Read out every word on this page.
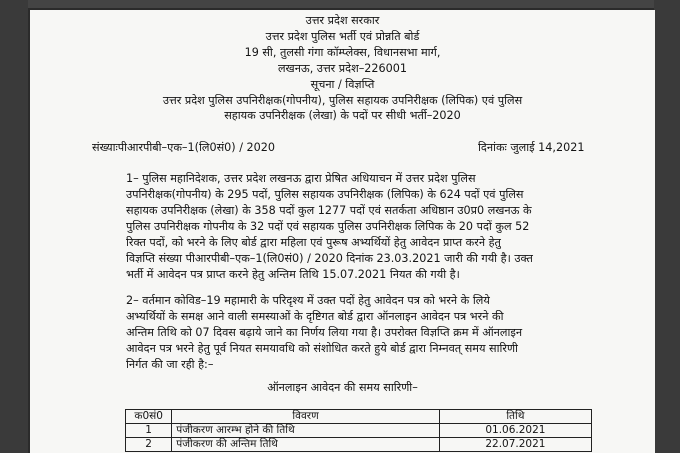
उत्तर प्रदेश सरकार
उत्तर प्रदेश पुलिस भर्ती एवं प्रोन्नति बोर्ड
19 सी, तुलसी गंगा कॉम्प्लेक्स, विधानसभा मार्ग,
लखनऊ, उत्तर प्रदेश–226001
सूचना / विज्ञप्ति
उत्तर प्रदेश पुलिस उपनिरीक्षक(गोपनीय), पुलिस सहायक उपनिरीक्षक (लिपिक) एवं पुलिस
सहायक उपनिरीक्षक (लेखा) के पदों पर सीधी भर्ती–2020
संख्याःपीआरपीबी–एक–1(लि0सं0) / 2020	दिनांकः जुलाई 14,2021
1– पुलिस महानिदेशक, उत्तर प्रदेश लखनऊ द्वारा प्रेषित अधियाचन में उत्तर प्रदेश पुलिस
उपनिरीक्षक(गोपनीय) के 295 पदों, पुलिस सहायक उपनिरीक्षक (लिपिक) के 624 पदों एवं पुलिस
सहायक उपनिरीक्षक (लेखा) के 358 पदों कुल 1277 पदों एवं सतर्कता अधिष्ठान उ0प्र0 लखनऊ के
पुलिस उपनिरीक्षक गोपनीय के 32 पदों एवं सहायक पुलिस उपनिरीक्षक लिपिक के 20 पदों कुल 52
रिक्त पदों, को भरने के लिए बोर्ड द्वारा महिला एवं पुरूष अभ्यर्थियों हेतु आवेदन प्राप्त करने हेतु
विज्ञप्ति संख्या पीआरपीबी–एक–1(लि0सं0) / 2020 दिनांक 23.03.2021 जारी की गयी है। उक्त
भर्ती में आवेदन पत्र प्राप्त करने हेतु अन्तिम तिथि 15.07.2021 नियत की गयी है।
2– वर्तमान कोविड–19 महामारी के परिदृश्य में उक्त पदों हेतु आवेदन पत्र को भरने के लिये
अभ्यर्थियों के समक्ष आने वाली समस्याओं के दृष्टिगत बोर्ड द्वारा ऑनलाइन आवेदन पत्र भरने की
अन्तिम तिथि को 07 दिवस बढ़ाये जाने का निर्णय लिया गया है। उपरोक्त विज्ञप्ति क्रम में ऑनलाइन
आवेदन पत्र भरने हेतु पूर्व नियत समयावधि को संशोधित करते हुये बोर्ड द्वारा निम्नवत् समय सारिणी
निर्गत की जा रही है:–
ऑनलाइन आवेदन की समय सारिणी–
क0सं0	विवरण	तिथि
1	पंजीकरण आरम्भ होने की तिथि	01.06.2021
2	पंजीकरण की अन्तिम तिथि	22.07.2021
